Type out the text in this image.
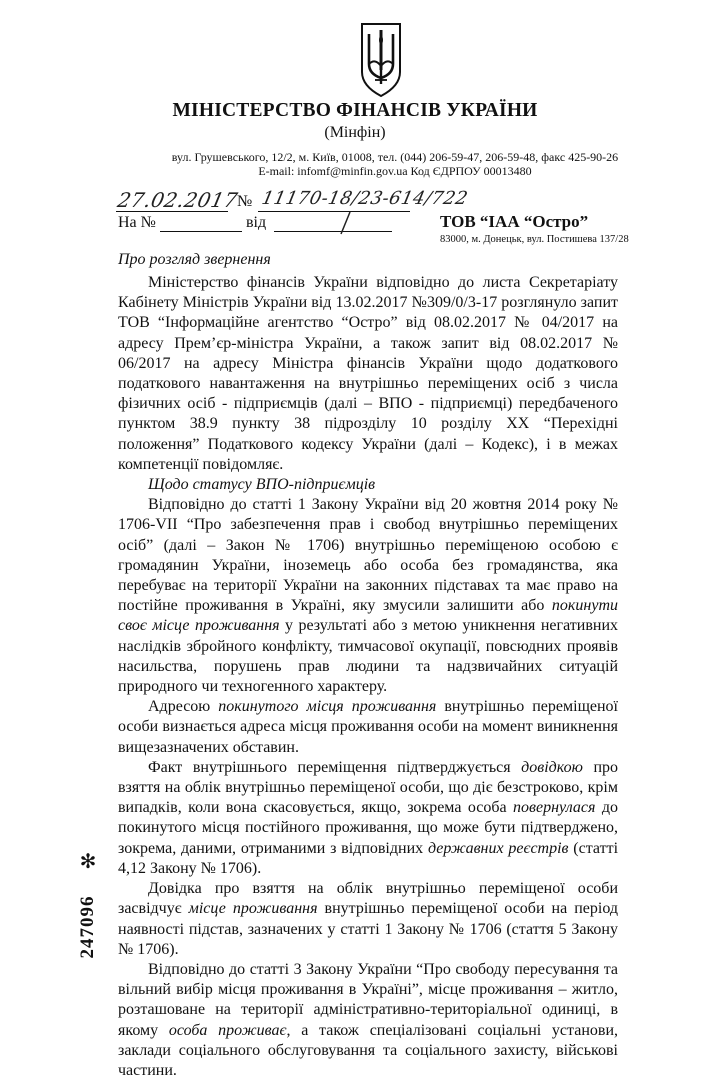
МІНІСТЕРСТВО ФІНАНСІВ УКРАЇНИ
(Мінфін)
вул. Грушевського, 12/2, м. Київ, 01008, тел. (044) 206-59-47, 206-59-48, факс 425-90-26
E-mail: infomf@minfin.gov.ua Код ЄДРПОУ 00013480
27.02.2017
№ 11170-18/23-614/722
На №	від	ТОВ “ІАА “Остро”
83000, м. Донецьк, вул. Постишева 137/28
Про розгляд звернення

Міністерство фінансів України відповідно до листа Секретаріату Кабінету Міністрів України від 13.02.2017 №309/0/3-17 розглянуло запит ТОВ “Інформаційне агентство “Остро” від 08.02.2017 № 04/2017 на адресу Прем’єр-міністра України, а також запит від 08.02.2017 № 06/2017 на адресу Міністра фінансів України щодо додаткового податкового навантаження на внутрішньо переміщених осіб з числа фізичних осіб - підприємців (далі – ВПО - підприємці) передбаченого пунктом 38.9 пункту 38 підрозділу 10 розділу ХХ “Перехідні положення” Податкового кодексу України (далі – Кодекс), і в межах компетенції повідомляє.

Щодо статусу ВПО-підприємців

Відповідно до статті 1 Закону України від 20 жовтня 2014 року № 1706-VII “Про забезпечення прав і свобод внутрішньо переміщених осіб” (далі – Закон № 1706) внутрішньо переміщеною особою є громадянин України, іноземець або особа без громадянства, яка перебуває на території України на законних підставах та має право на постійне проживання в Україні, яку змусили залишити або покинути своє місце проживання у результаті або з метою уникнення негативних наслідків збройного конфлікту, тимчасової окупації, повсюдних проявів насильства, порушень прав людини та надзвичайних ситуацій природного чи техногенного характеру.

Адресою покинутого місця проживання внутрішньо переміщеної особи визнається адреса місця проживання особи на момент виникнення вищезазначених обставин.

Факт внутрішнього переміщення підтверджується довідкою про взяття на облік внутрішньо переміщеної особи, що діє безстроково, крім випадків, коли вона скасовується, якщо, зокрема особа повернулася до покинутого місця постійного проживання, що може бути підтверджено, зокрема, даними, отриманими з відповідних державних реєстрів (статті 4,12 Закону № 1706).

Довідка про взяття на облік внутрішньо переміщеної особи засвідчує місце проживання внутрішньо переміщеної особи на період наявності підстав, зазначених у статті 1 Закону № 1706 (стаття 5 Закону № 1706).

Відповідно до статті 3 Закону України “Про свободу пересування та вільний вибір місця проживання в Україні”, місце проживання – житло, розташоване на території адміністративно-територіальної одиниці, в якому особа проживає, а також спеціалізовані соціальні установи, заклади соціального обслуговування та соціального захисту, військові частини.

✻
247096
